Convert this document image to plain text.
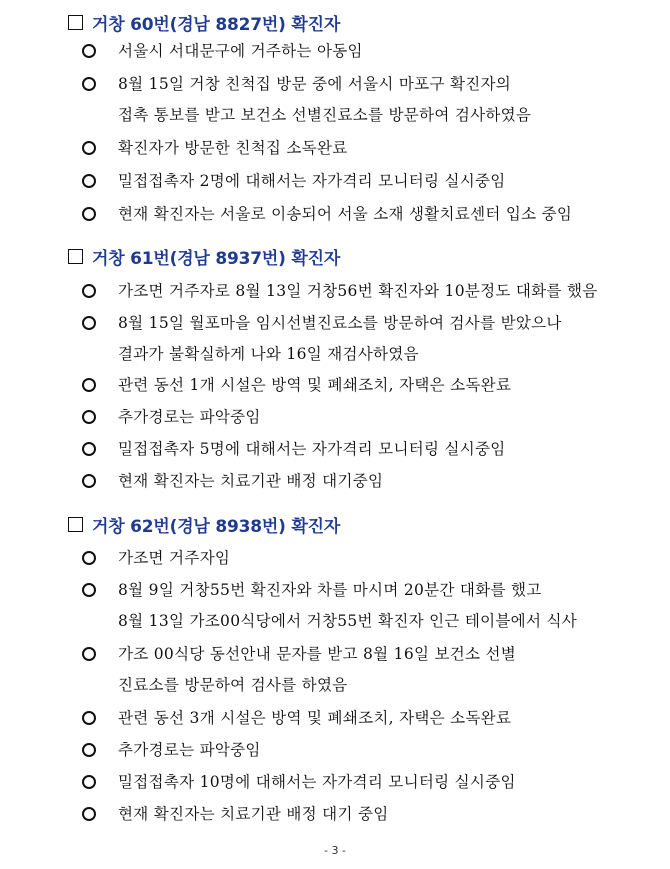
거창 60번(경남 8827번) 확진자
서울시 서대문구에 거주하는 아동임
8월 15일 거창 친척집 방문 중에 서울시 마포구 확진자의
접촉 통보를 받고 보건소 선별진료소를 방문하여 검사하였음
확진자가 방문한 친척집 소독완료
밀접접촉자 2명에 대해서는 자가격리 모니터링 실시중임
현재 확진자는 서울로 이송되어 서울 소재 생활치료센터 입소 중임
거창 61번(경남 8937번) 확진자
가조면 거주자로 8월 13일 거창56번 확진자와 10분정도 대화를 했음
8월 15일 월포마을 임시선별진료소를 방문하여 검사를 받았으나
결과가 불확실하게 나와 16일 재검사하였음
관련 동선 1개 시설은 방역 및 폐쇄조치, 자택은 소독완료
추가경로는 파악중임
밀접접촉자 5명에 대해서는 자가격리 모니터링 실시중임
현재 확진자는 치료기관 배정 대기중임
거창 62번(경남 8938번) 확진자
가조면 거주자임
8월 9일 거창55번 확진자와 차를 마시며 20분간 대화를 했고
8월 13일 가조00식당에서 거창55번 확진자 인근 테이블에서 식사
가조 00식당 동선안내 문자를 받고 8월 16일 보건소 선별
진료소를 방문하여 검사를 하였음
관련 동선 3개 시설은 방역 및 폐쇄조치, 자택은 소독완료
추가경로는 파악중임
밀접접촉자 10명에 대해서는 자가격리 모니터링 실시중임
현재 확진자는 치료기관 배정 대기 중임
- 3 -
